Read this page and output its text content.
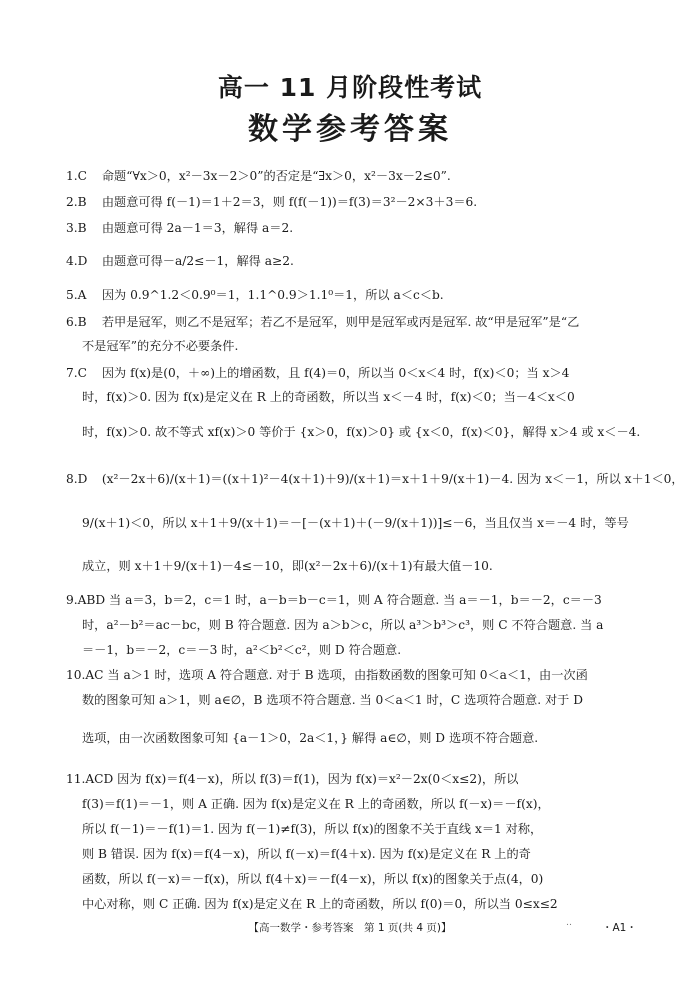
高一 11 月阶段性考试
数学参考答案
1.C 命题“∀x＞0，x²－3x－2＞0”的否定是“∃x＞0，x²－3x－2≤0”.
2.B 由题意可得 f(－1)＝1＋2＝3，则 f(f(－1))＝f(3)＝3²－2×3＋3＝6.
3.B 由题意可得 2a－1＝3，解得 a＝2.
4.D 由题意可得－a/2≤－1，解得 a≥2.
5.A 因为 0.9^1.2＜0.9⁰＝1，1.1^0.9＞1.1⁰＝1，所以 a＜c＜b.
6.B 若甲是冠军，则乙不是冠军；若乙不是冠军，则甲是冠军或丙是冠军. 故“甲是冠军”是“乙
不是冠军”的充分不必要条件.
7.C 因为 f(x)是(0，＋∞)上的增函数，且 f(4)＝0，所以当 0＜x＜4 时，f(x)＜0；当 x＞4
时，f(x)＞0. 因为 f(x)是定义在 R 上的奇函数，所以当 x＜－4 时，f(x)＜0；当－4＜x＜0
时，f(x)＞0. 故不等式 xf(x)＞0 等价于 {x＞0，f(x)＞0} 或 {x＜0，f(x)＜0}，解得 x＞4 或 x＜－4.
8.D (x²－2x＋6)/(x＋1)＝((x＋1)²－4(x＋1)＋9)/(x＋1)＝x＋1＋9/(x＋1)－4. 因为 x＜－1，所以 x＋1＜0，
9/(x＋1)＜0，所以 x＋1＋9/(x＋1)＝－[－(x＋1)＋(－9/(x＋1))]≤－6，当且仅当 x＝－4 时，等号
成立，则 x＋1＋9/(x＋1)－4≤－10，即(x²－2x＋6)/(x＋1)有最大值－10.
9.ABD 当 a＝3，b＝2，c＝1 时，a－b＝b－c＝1，则 A 符合题意. 当 a＝－1，b＝－2，c＝－3
时，a²－b²＝ac－bc，则 B 符合题意. 因为 a＞b＞c，所以 a³＞b³＞c³，则 C 不符合题意. 当 a
＝－1，b＝－2，c＝－3 时，a²＜b²＜c²，则 D 符合题意.
10.AC 当 a＞1 时，选项 A 符合题意. 对于 B 选项，由指数函数的图象可知 0＜a＜1，由一次函
数的图象可知 a＞1，则 a∈∅，B 选项不符合题意. 当 0＜a＜1 时，C 选项符合题意. 对于 D
选项，由一次函数图象可知 {a－1＞0，2a＜1，} 解得 a∈∅，则 D 选项不符合题意.
11.ACD 因为 f(x)＝f(4－x)，所以 f(3)＝f(1)，因为 f(x)＝x²－2x(0＜x≤2)，所以
f(3)＝f(1)＝－1，则 A 正确. 因为 f(x)是定义在 R 上的奇函数，所以 f(－x)＝－f(x)，
所以 f(－1)＝－f(1)＝1. 因为 f(－1)≠f(3)，所以 f(x)的图象不关于直线 x＝1 对称，
则 B 错误. 因为 f(x)＝f(4－x)，所以 f(－x)＝f(4＋x). 因为 f(x)是定义在 R 上的奇
函数，所以 f(－x)＝－f(x)，所以 f(4＋x)＝－f(4－x)，所以 f(x)的图象关于点(4，0)
中心对称，则 C 正确. 因为 f(x)是定义在 R 上的奇函数，所以 f(0)＝0，所以当 0≤x≤2
【高一数学・参考答案　第 1 页(共 4 页)】	‥	・A1・
